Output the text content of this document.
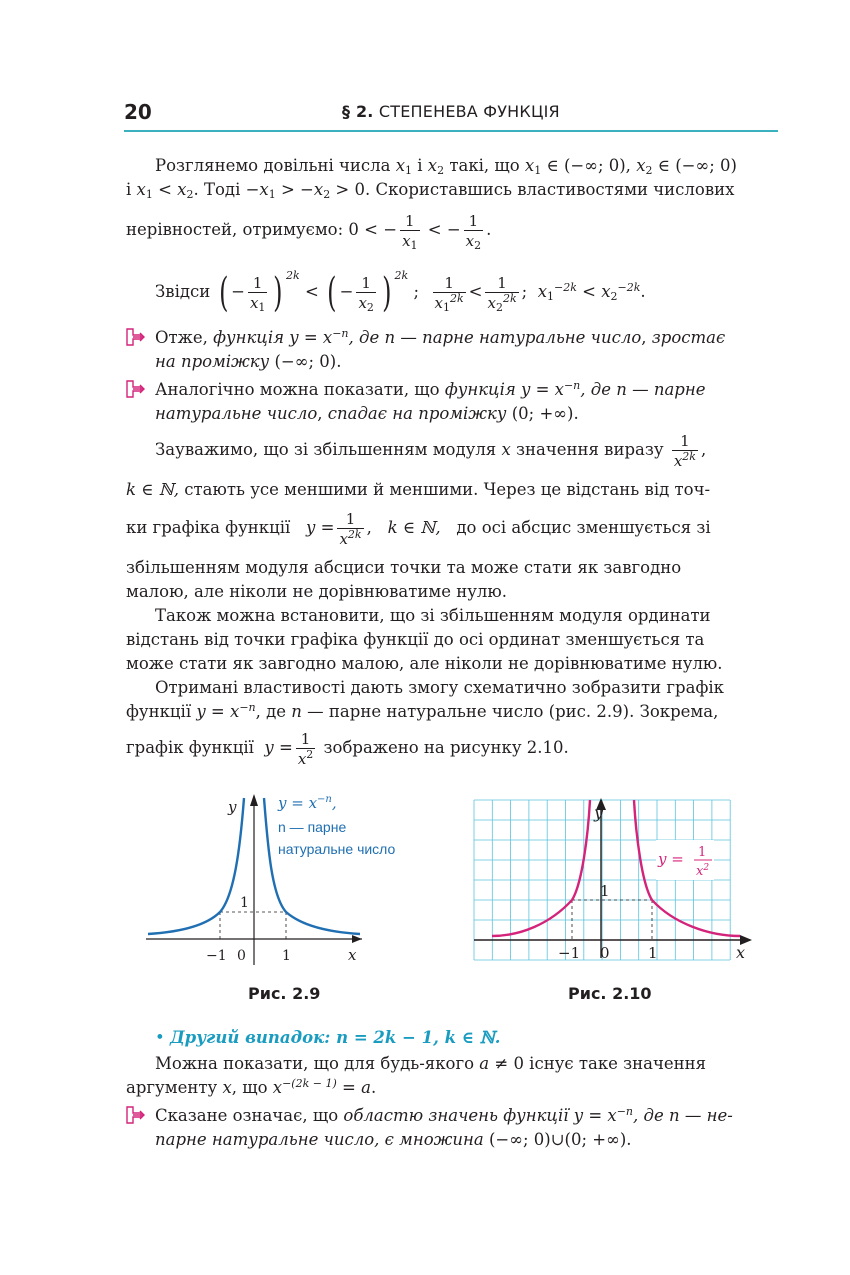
20	§ 2. СТЕПЕНЕВА ФУНКЦІЯ
Розглянемо довільні числа $x_1$ і $x_2$ такі, що $x_1$ ∈ (−∞; 0), $x_2$ ∈ (−∞; 0)
і $x_1 < x_2$. Тоді $-x_1 > -x_2 > 0$. Скориставшись властивостями числових
нерівностей, отримуємо: 0 < − $\frac{1}{x_1}$ < − $\frac{1}{x_2}$ .
Звідси ( − $\frac{1}{x_1}$ ) $^{2k}$ < ( − $\frac{1}{x_2}$ ) $^{2k}$ ; $\frac{1}{x_1^{2k}} < \frac{1}{x_2^{2k}}$ ; $x_1^{-2k} < x_2^{-2k}$.
Отже, функція $y = x^{-n}$, де n — парне натуральне число, зростає
на проміжку (−∞; 0).
Аналогічно можна показати, що функція $y = x^{-n}$, де n — парне
натуральне число, спадає на проміжку (0; +∞).
Зауважимо, що зі збільшенням модуля x значення виразу $\frac{1}{x^{2k}}$ ,
k ∈ ℕ, стають усе меншими й меншими. Через це відстань від точ-
ки графіка функції $y = \frac{1}{x^{2k}}$ ,   k ∈ ℕ, до осі абсцис зменшується зі
збільшенням модуля абсциси точки та може стати як завгодно
малою, але ніколи не дорівнюватиме нулю.
Також можна встановити, що зі збільшенням модуля ординати
відстань від точки графіка функції до осі ординат зменшується та
може стати як завгодно малою, але ніколи не дорівнюватиме нулю.
Отримані властивості дають змогу схематично зобразити графік
функції $y = x^{-n}$, де n — парне натуральне число (рис. 2.9). Зокрема,
графік функції $y = \frac{1}{x^2}$ зображено на рисунку 2.10.
y
x
1
−1 0	1
$y = x^{-n}$,
n — парне
натуральне число
Рис. 2.9
y
x
1
−1 0	1
y = 1
$x^2$
Рис. 2.10
• Другий випадок: n = 2k − 1, k ∈ ℕ.
Можна показати, що для будь-якого a ≠ 0 існує таке значення
аргументу x, що $x^{-(2k - 1)} = a$.
Сказане означає, що областю значень функції $y = x^{-n}$, де n — не-
парне натуральне число, є множина (−∞; 0)∪(0; +∞).
